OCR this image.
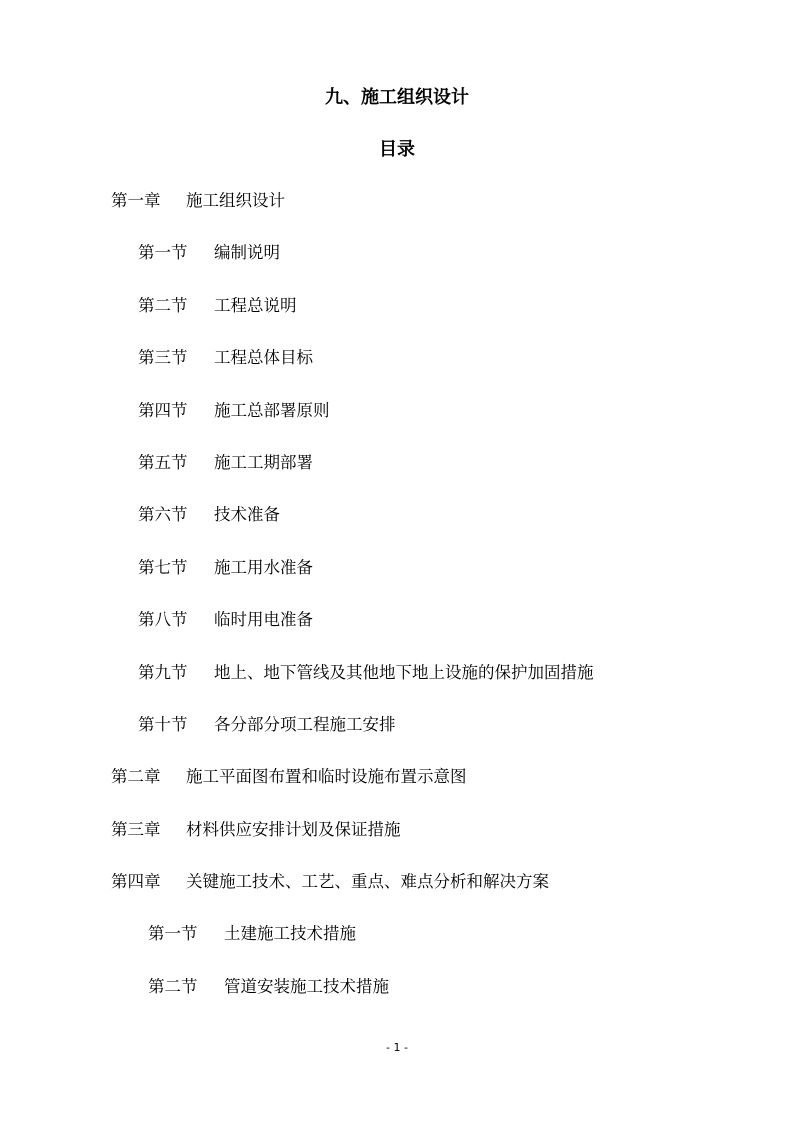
九、施工组织设计
目录
第一章 施工组织设计
第一节 编制说明
第二节 工程总说明
第三节 工程总体目标
第四节 施工总部署原则
第五节 施工工期部署
第六节 技术准备
第七节 施工用水准备
第八节 临时用电准备
第九节 地上、地下管线及其他地下地上设施的保护加固措施
第十节 各分部分项工程施工安排
第二章 施工平面图布置和临时设施布置示意图
第三章 材料供应安排计划及保证措施
第四章 关键施工技术、工艺、重点、难点分析和解决方案
第一节 土建施工技术措施
第二节 管道安装施工技术措施
- 1 -
